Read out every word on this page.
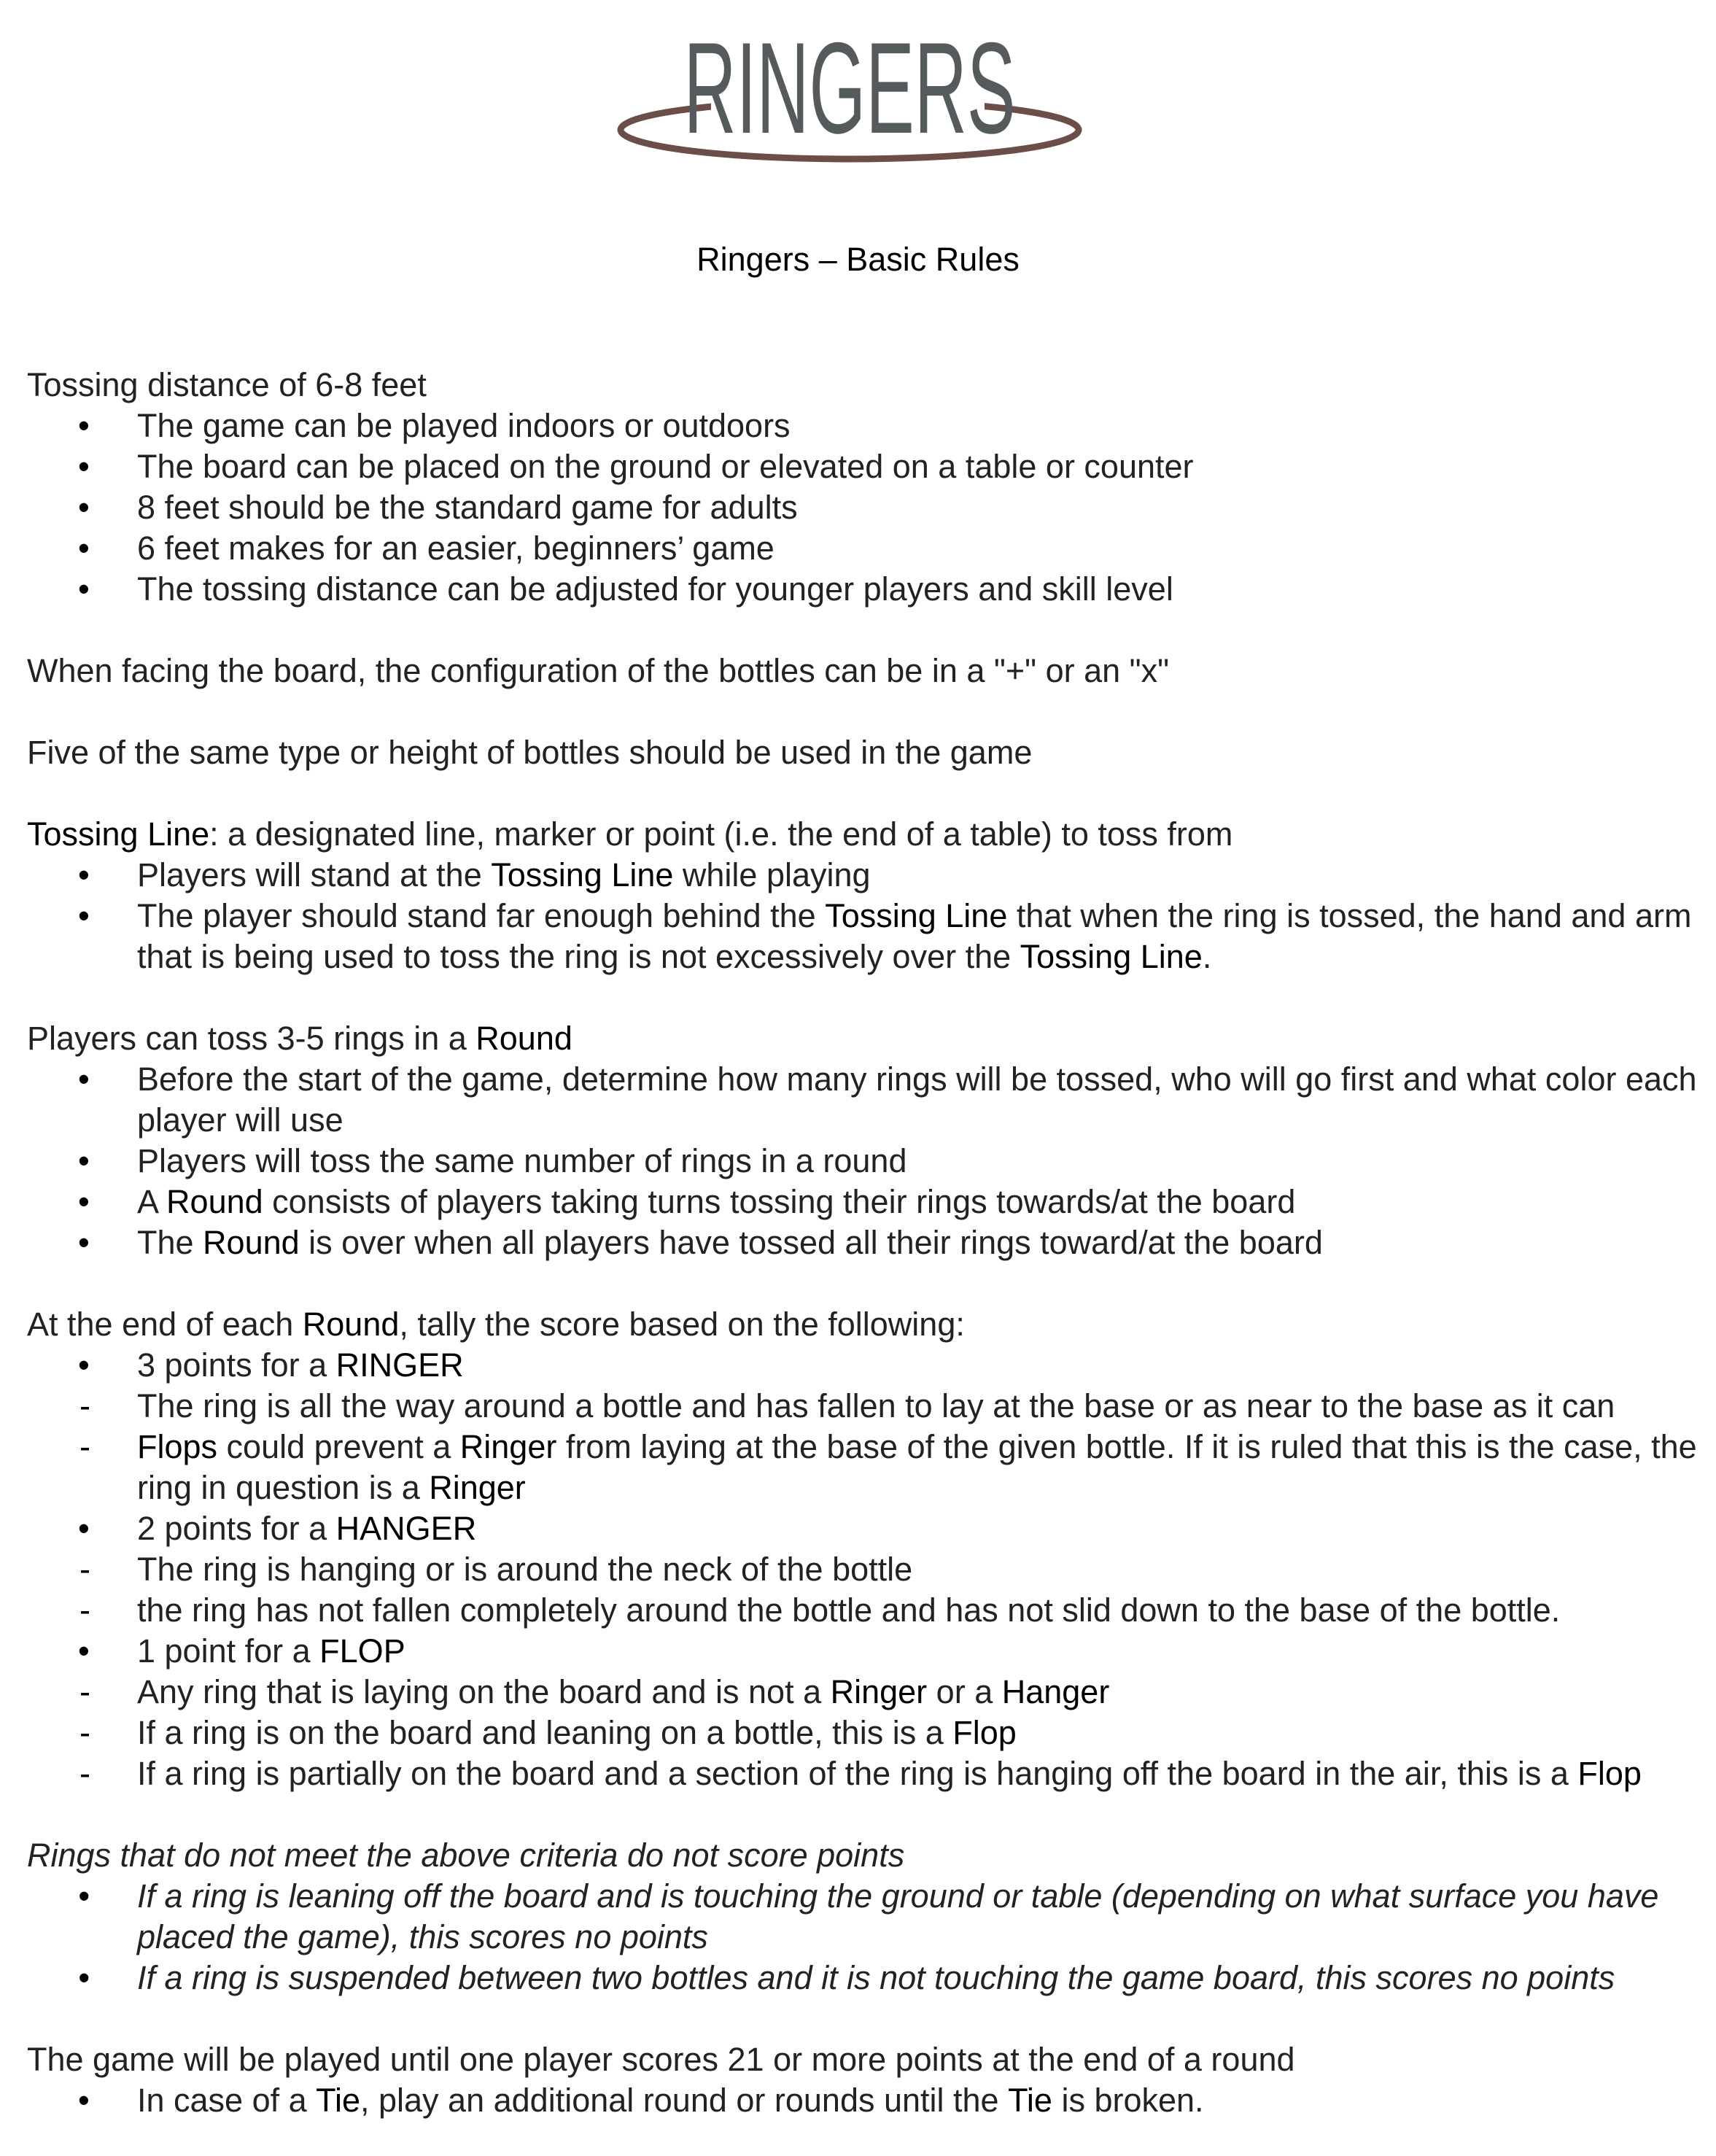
RINGERS
Ringers – Basic Rules

Tossing distance of 6-8 feet

• The game can be played indoors or outdoors
• The board can be placed on the ground or elevated on a table or counter
• 8 feet should be the standard game for adults
• 6 feet makes for an easier, beginners’ game
• The tossing distance can be adjusted for younger players and skill level

When facing the board, the configuration of the bottles can be in a "+" or an "x"

Five of the same type or height of bottles should be used in the game

Tossing Line: a designated line, marker or point (i.e. the end of a table) to toss from

• Players will stand at the Tossing Line while playing
• The player should stand far enough behind the Tossing Line that when the ring is tossed, the hand and arm that is being used to toss the ring is not excessively over the Tossing Line.

Players can toss 3-5 rings in a Round

• Before the start of the game, determine how many rings will be tossed, who will go first and what color each player will use
• Players will toss the same number of rings in a round
• A Round consists of players taking turns tossing their rings towards/at the board
• The Round is over when all players have tossed all their rings toward/at the board

At the end of each Round, tally the score based on the following:

• 3 points for a RINGER
- The ring is all the way around a bottle and has fallen to lay at the base or as near to the base as it can
- Flops could prevent a Ringer from laying at the base of the given bottle. If it is ruled that this is the case, the ring in question is a Ringer
• 2 points for a HANGER
- The ring is hanging or is around the neck of the bottle
- the ring has not fallen completely around the bottle and has not slid down to the base of the bottle.
• 1 point for a FLOP
- Any ring that is laying on the board and is not a Ringer or a Hanger
- If a ring is on the board and leaning on a bottle, this is a Flop
- If a ring is partially on the board and a section of the ring is hanging off the board in the air, this is a Flop

Rings that do not meet the above criteria do not score points

• If a ring is leaning off the board and is touching the ground or table (depending on what surface you have placed the game), this scores no points
• If a ring is suspended between two bottles and it is not touching the game board, this scores no points

The game will be played until one player scores 21 or more points at the end of a round

• In case of a Tie, play an additional round or rounds until the Tie is broken.
